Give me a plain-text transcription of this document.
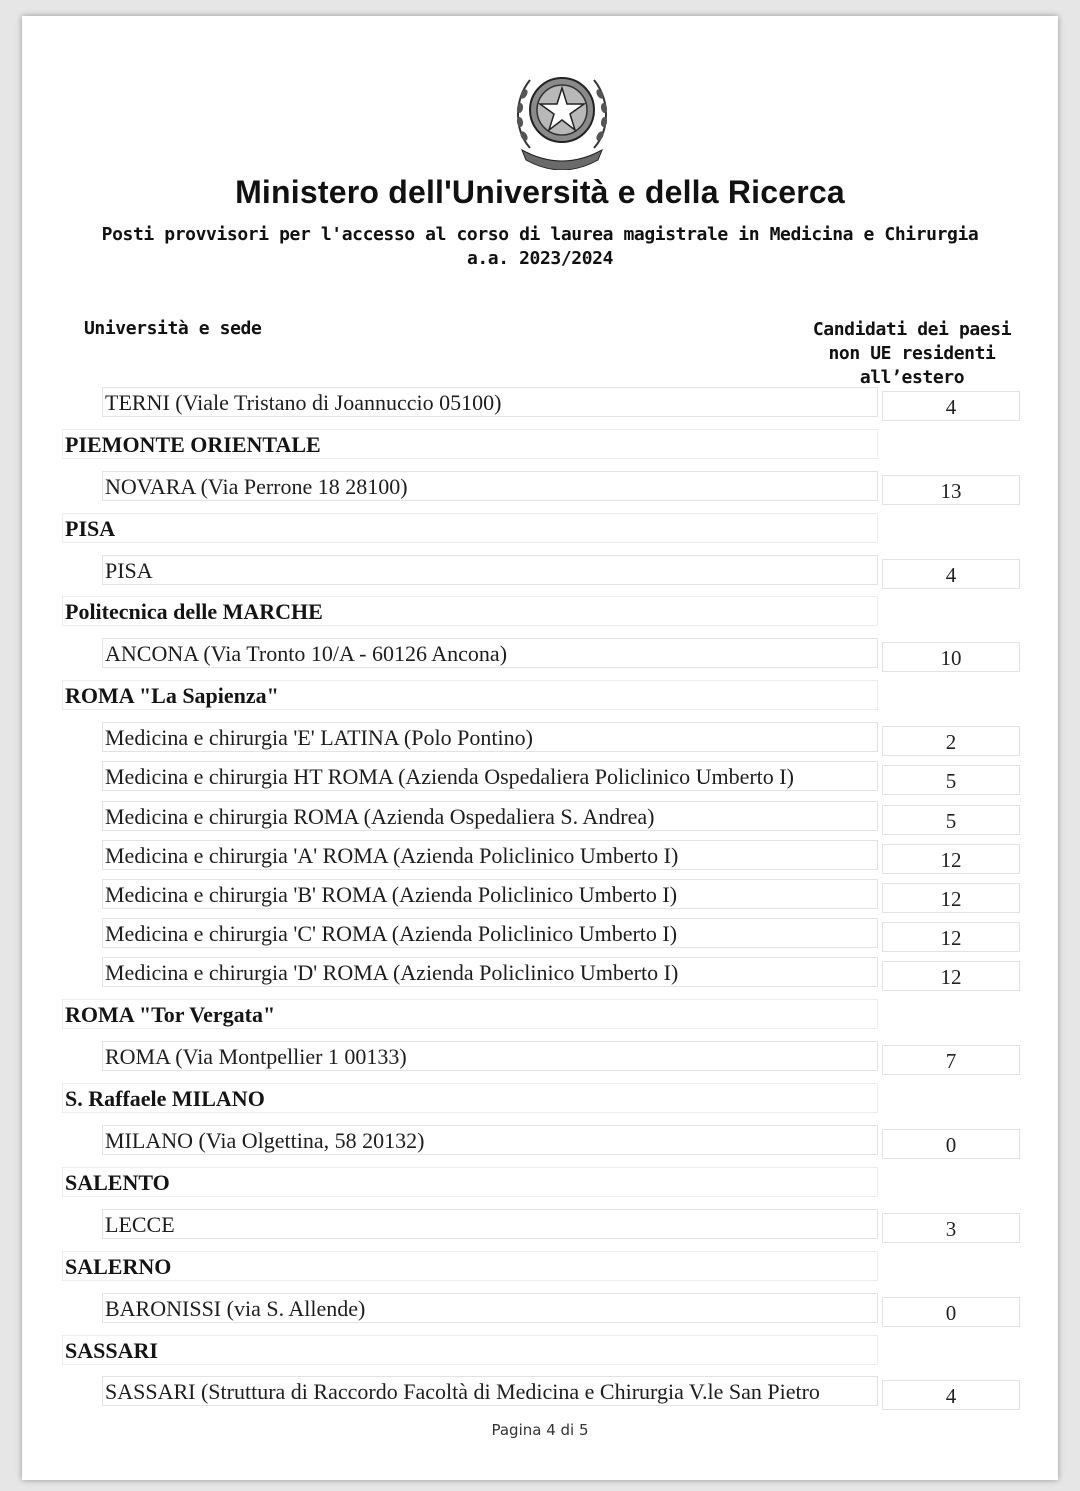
Ministero dell'Università e della Ricerca
Posti provvisori per l'accesso al corso di laurea magistrale in Medicina e Chirurgia
a.a. 2023/2024
Università e sede	Candidati dei paesi
non UE residenti
all’estero
TERNI (Viale Tristano di Joannuccio 05100)	4
PIEMONTE ORIENTALE
NOVARA (Via Perrone 18 28100)	13
PISA
PISA	4
Politecnica delle MARCHE
ANCONA (Via Tronto 10/A - 60126 Ancona)	10
ROMA "La Sapienza"
Medicina e chirurgia 'E' LATINA (Polo Pontino)	2
Medicina e chirurgia HT ROMA (Azienda Ospedaliera Policlinico Umberto I)	5
Medicina e chirurgia ROMA (Azienda Ospedaliera S. Andrea)	5
Medicina e chirurgia 'A' ROMA (Azienda Policlinico Umberto I)	12
Medicina e chirurgia 'B' ROMA (Azienda Policlinico Umberto I)	12
Medicina e chirurgia 'C' ROMA (Azienda Policlinico Umberto I)	12
Medicina e chirurgia 'D' ROMA (Azienda Policlinico Umberto I)	12
ROMA "Tor Vergata"
ROMA (Via Montpellier 1 00133)	7
S. Raffaele MILANO
MILANO (Via Olgettina, 58 20132)	0
SALENTO
LECCE	3
SALERNO
BARONISSI (via S. Allende)	0
SASSARI
SASSARI (Struttura di Raccordo Facoltà di Medicina e Chirurgia V.le San Pietro	4
Pagina 4 di 5
